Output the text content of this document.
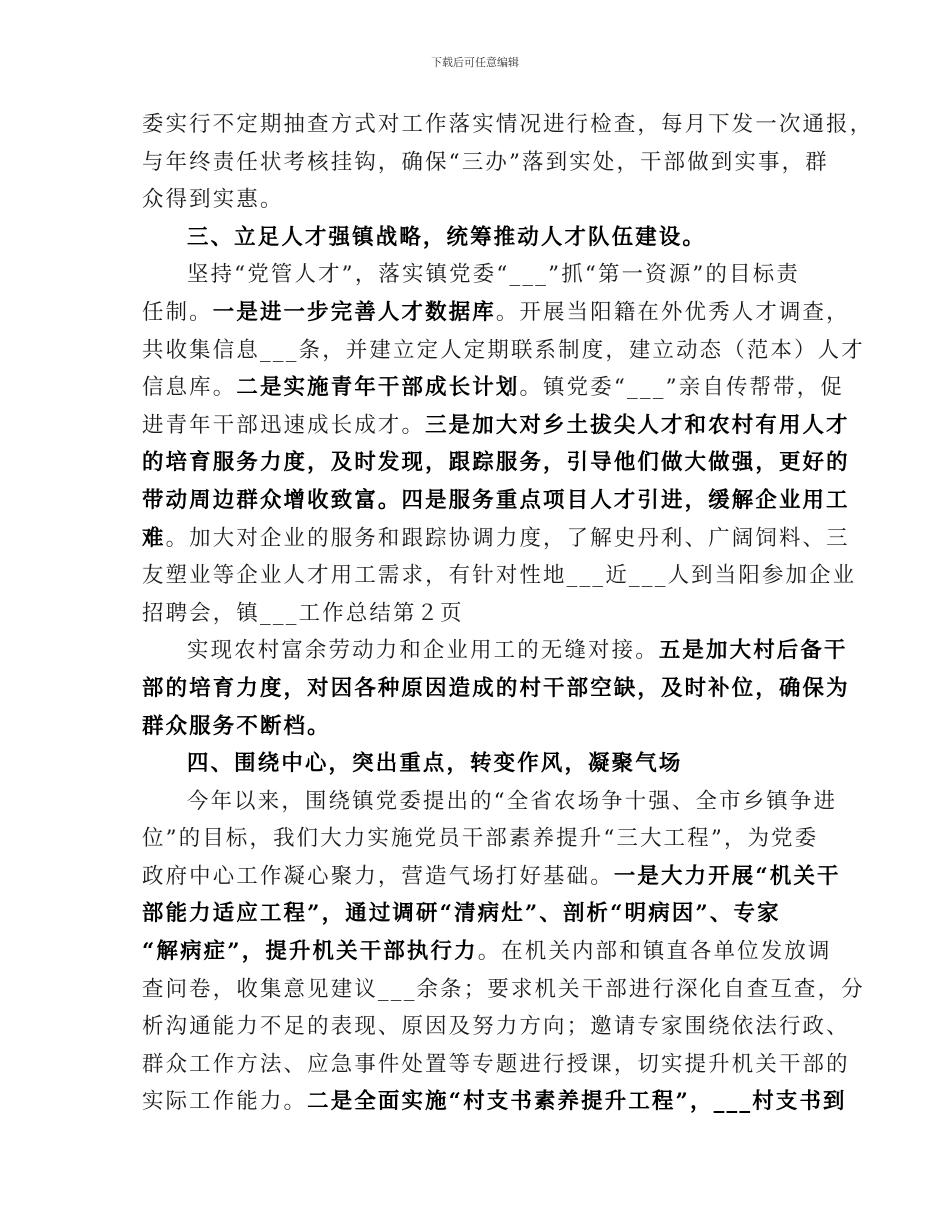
下载后可任意编辑
委实行不定期抽查方式对工作落实情况进行检查，每月下发一次通报，
与年终责任状考核挂钩，确保“三办”落到实处，干部做到实事，群
众得到实惠。
三、立足人才强镇战略，统筹推动人才队伍建设。
坚持“党管人才”，落实镇党委“___”抓“第一资源”的目标责
任制。一是进一步完善人才数据库。开展当阳籍在外优秀人才调查，
共收集信息___条，并建立定人定期联系制度，建立动态（范本）人才
信息库。二是实施青年干部成长计划。镇党委“___”亲自传帮带，促
进青年干部迅速成长成才。三是加大对乡土拔尖人才和农村有用人才
的培育服务力度，及时发现，跟踪服务，引导他们做大做强，更好的
带动周边群众增收致富。四是服务重点项目人才引进，缓解企业用工
难。加大对企业的服务和跟踪协调力度，了解史丹利、广阔饲料、三
友塑业等企业人才用工需求，有针对性地___近___人到当阳参加企业
招聘会，镇___工作总结第２页
实现农村富余劳动力和企业用工的无缝对接。五是加大村后备干
部的培育力度，对因各种原因造成的村干部空缺，及时补位，确保为
群众服务不断档。
四、围绕中心，突出重点，转变作风，凝聚气场
今年以来，围绕镇党委提出的“全省农场争十强、全市乡镇争进
位”的目标，我们大力实施党员干部素养提升“三大工程”，为党委
政府中心工作凝心聚力，营造气场打好基础。一是大力开展“机关干
部能力适应工程”，通过调研“清病灶”、剖析“明病因”、专家
“解病症”，提升机关干部执行力。在机关内部和镇直各单位发放调
查问卷，收集意见建议___余条；要求机关干部进行深化自查互查，分
析沟通能力不足的表现、原因及努力方向；邀请专家围绕依法行政、
群众工作方法、应急事件处置等专题进行授课，切实提升机关干部的
实际工作能力。二是全面实施“村支书素养提升工程”，___村支书到
